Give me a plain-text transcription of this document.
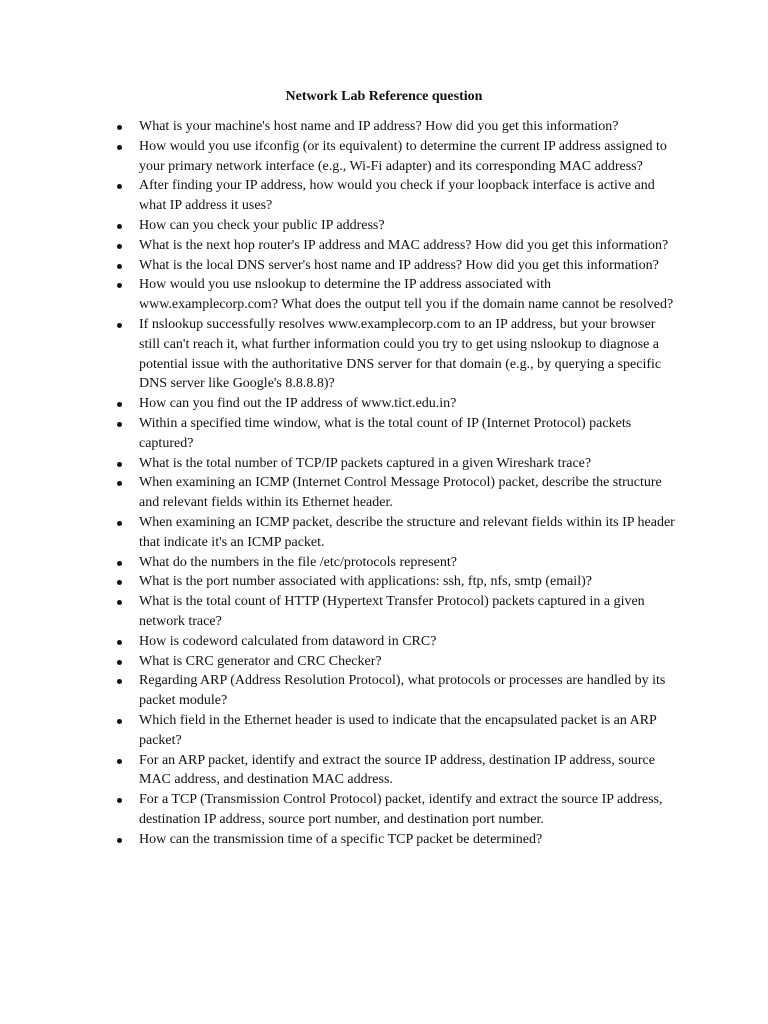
Network Lab Reference question
What is your machine's host name and IP address? How did you get this information?
How would you use ifconfig (or its equivalent) to determine the current IP address assigned to your primary network interface (e.g., Wi-Fi adapter) and its corresponding MAC address?
After finding your IP address, how would you check if your loopback interface is active and what IP address it uses?
How can you check your public IP address?
What is the next hop router's IP address and MAC address? How did you get this information?
What is the local DNS server's host name and IP address? How did you get this information?
How would you use nslookup to determine the IP address associated with www.examplecorp.com? What does the output tell you if the domain name cannot be resolved?
If nslookup successfully resolves www.examplecorp.com to an IP address, but your browser still can't reach it, what further information could you try to get using nslookup to diagnose a potential issue with the authoritative DNS server for that domain (e.g., by querying a specific DNS server like Google's 8.8.8.8)?
How can you find out the IP address of www.tict.edu.in?
Within a specified time window, what is the total count of IP (Internet Protocol) packets captured?
What is the total number of TCP/IP packets captured in a given Wireshark trace?
When examining an ICMP (Internet Control Message Protocol) packet, describe the structure and relevant fields within its Ethernet header.
When examining an ICMP packet, describe the structure and relevant fields within its IP header that indicate it's an ICMP packet.
What do the numbers in the file /etc/protocols represent?
What is the port number associated with applications: ssh, ftp, nfs, smtp (email)?
What is the total count of HTTP (Hypertext Transfer Protocol) packets captured in a given network trace?
How is codeword calculated from dataword in CRC?
What is CRC generator and CRC Checker?
Regarding ARP (Address Resolution Protocol), what protocols or processes are handled by its packet module?
Which field in the Ethernet header is used to indicate that the encapsulated packet is an ARP packet?
For an ARP packet, identify and extract the source IP address, destination IP address, source MAC address, and destination MAC address.
For a TCP (Transmission Control Protocol) packet, identify and extract the source IP address, destination IP address, source port number, and destination port number.
How can the transmission time of a specific TCP packet be determined?
